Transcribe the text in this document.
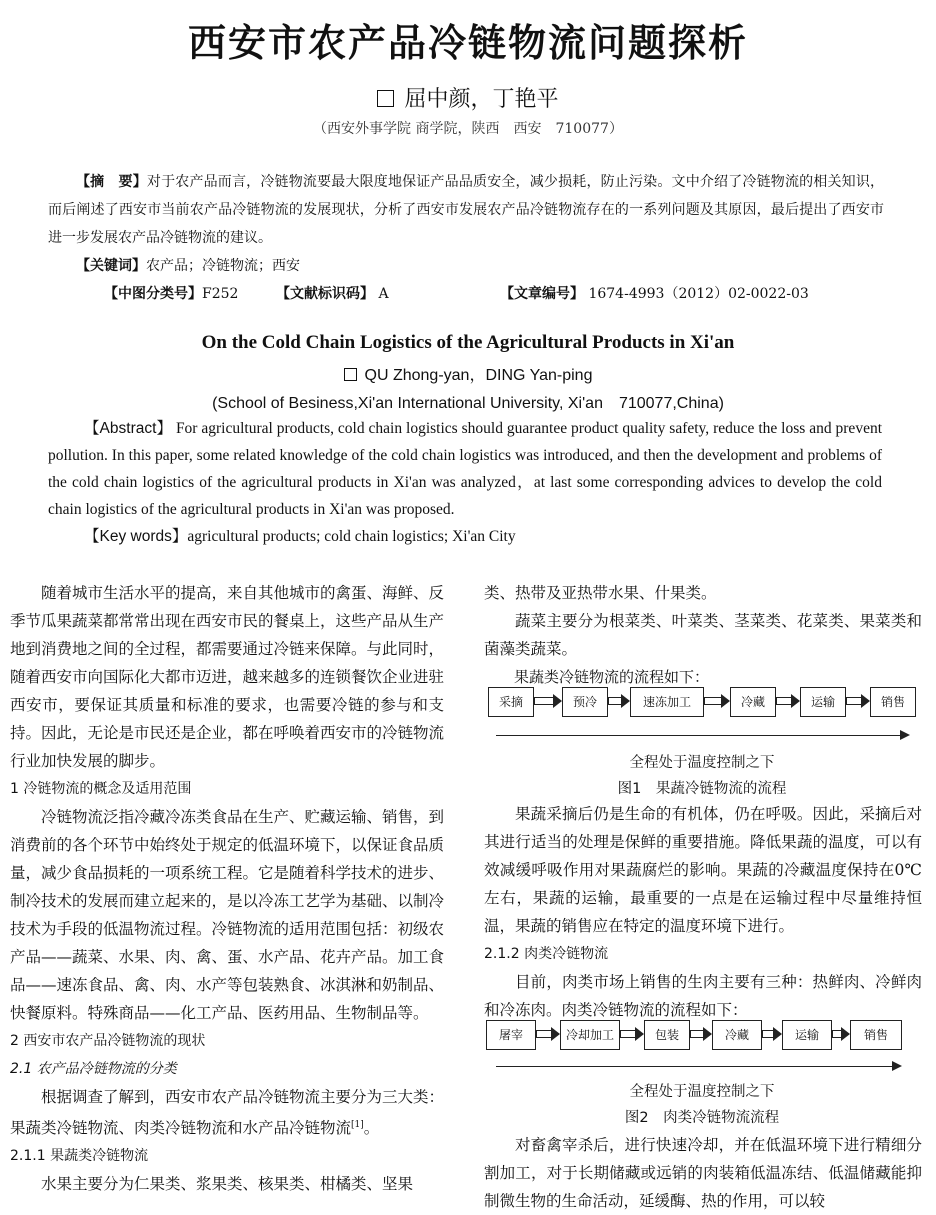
西安市农产品冷链物流问题探析
屈中颜，丁艳平
（西安外事学院 商学院，陕西　西安　710077）
【摘　要】对于农产品而言，冷链物流要最大限度地保证产品品质安全，减少损耗，防止污染。文中介绍了冷链物流的相关知识，而后阐述了西安市当前农产品冷链物流的发展现状，分析了西安市发展农产品冷链物流存在的一系列问题及其原因，最后提出了西安市进一步发展农产品冷链物流的建议。
【关键词】农产品；冷链物流；西安
【中图分类号】F252	【文献标识码】 A	【文章编号】 1674-4993（2012）02-0022-03
On the Cold Chain Logistics of the Agricultural Products in Xi'an
QU Zhong-yan，DING Yan-ping
(School of Besiness,Xi'an International University, Xi'an　710077,China)
【Abstract】 For agricultural products, cold chain logistics should guarantee product quality safety, reduce the loss and prevent pollution. In this paper, some related knowledge of the cold chain logistics was introduced, and then the development and problems of the cold chain logistics of the agricultural products in Xi'an was analyzed，at last some corresponding advices to develop the cold chain logistics of the agricultural products in Xi'an was proposed.
【Key words】agricultural products; cold chain logistics; Xi'an City

随着城市生活水平的提高，来自其他城市的禽蛋、海鲜、反季节瓜果蔬菜都常常出现在西安市民的餐桌上，这些产品从生产地到消费地之间的全过程，都需要通过冷链来保障。与此同时，随着西安市向国际化大都市迈进，越来越多的连锁餐饮企业进驻西安市，要保证其质量和标准的要求，也需要冷链的参与和支持。因此，无论是市民还是企业，都在呼唤着西安市的冷链物流行业加快发展的脚步。

1 冷链物流的概念及适用范围

冷链物流泛指冷藏冷冻类食品在生产、贮藏运输、销售，到消费前的各个环节中始终处于规定的低温环境下，以保证食品质量，减少食品损耗的一项系统工程。它是随着科学技术的进步、制冷技术的发展而建立起来的，是以冷冻工艺学为基础、以制冷技术为手段的低温物流过程。冷链物流的适用范围包括：初级农产品——蔬菜、水果、肉、禽、蛋、水产品、花卉产品。加工食品——速冻食品、禽、肉、水产等包装熟食、冰淇淋和奶制品、快餐原料。特殊商品——化工产品、医药用品、生物制品等。

2 西安市农产品冷链物流的现状
2.1 农产品冷链物流的分类

根据调查了解到，西安市农产品冷链物流主要分为三大类：果蔬类冷链物流、肉类冷链物流和水产品冷链物流[1]。

2.1.1 果蔬类冷链物流

水果主要分为仁果类、浆果类、核果类、柑橘类、坚果

类、热带及亚热带水果、什果类。

蔬菜主要分为根菜类、叶菜类、茎菜类、花菜类、果菜类和菌藻类蔬菜。

果蔬类冷链物流的流程如下：

采摘	预冷	速冻加工	冷藏	运输	销售
全程处于温度控制之下
图1　果蔬冷链物流的流程

果蔬采摘后仍是生命的有机体，仍在呼吸。因此，采摘后对其进行适当的处理是保鲜的重要措施。降低果蔬的温度，可以有效减缓呼吸作用对果蔬腐烂的影响。果蔬的冷藏温度保持在0℃左右，果蔬的运输，最重要的一点是在运输过程中尽量维持恒温，果蔬的销售应在特定的温度环境下进行。

2.1.2 肉类冷链物流

目前，肉类市场上销售的生肉主要有三种：热鲜肉、冷鲜肉和冷冻肉。肉类冷链物流的流程如下：

屠宰	冷却加工	包装	冷藏	运输	销售
全程处于温度控制之下
图2　肉类冷链物流流程

对畜禽宰杀后，进行快速冷却，并在低温环境下进行精细分割加工，对于长期储藏或远销的肉装箱低温冻结、低温储藏能抑制微生物的生命活动，延缓酶、热的作用，可以较
